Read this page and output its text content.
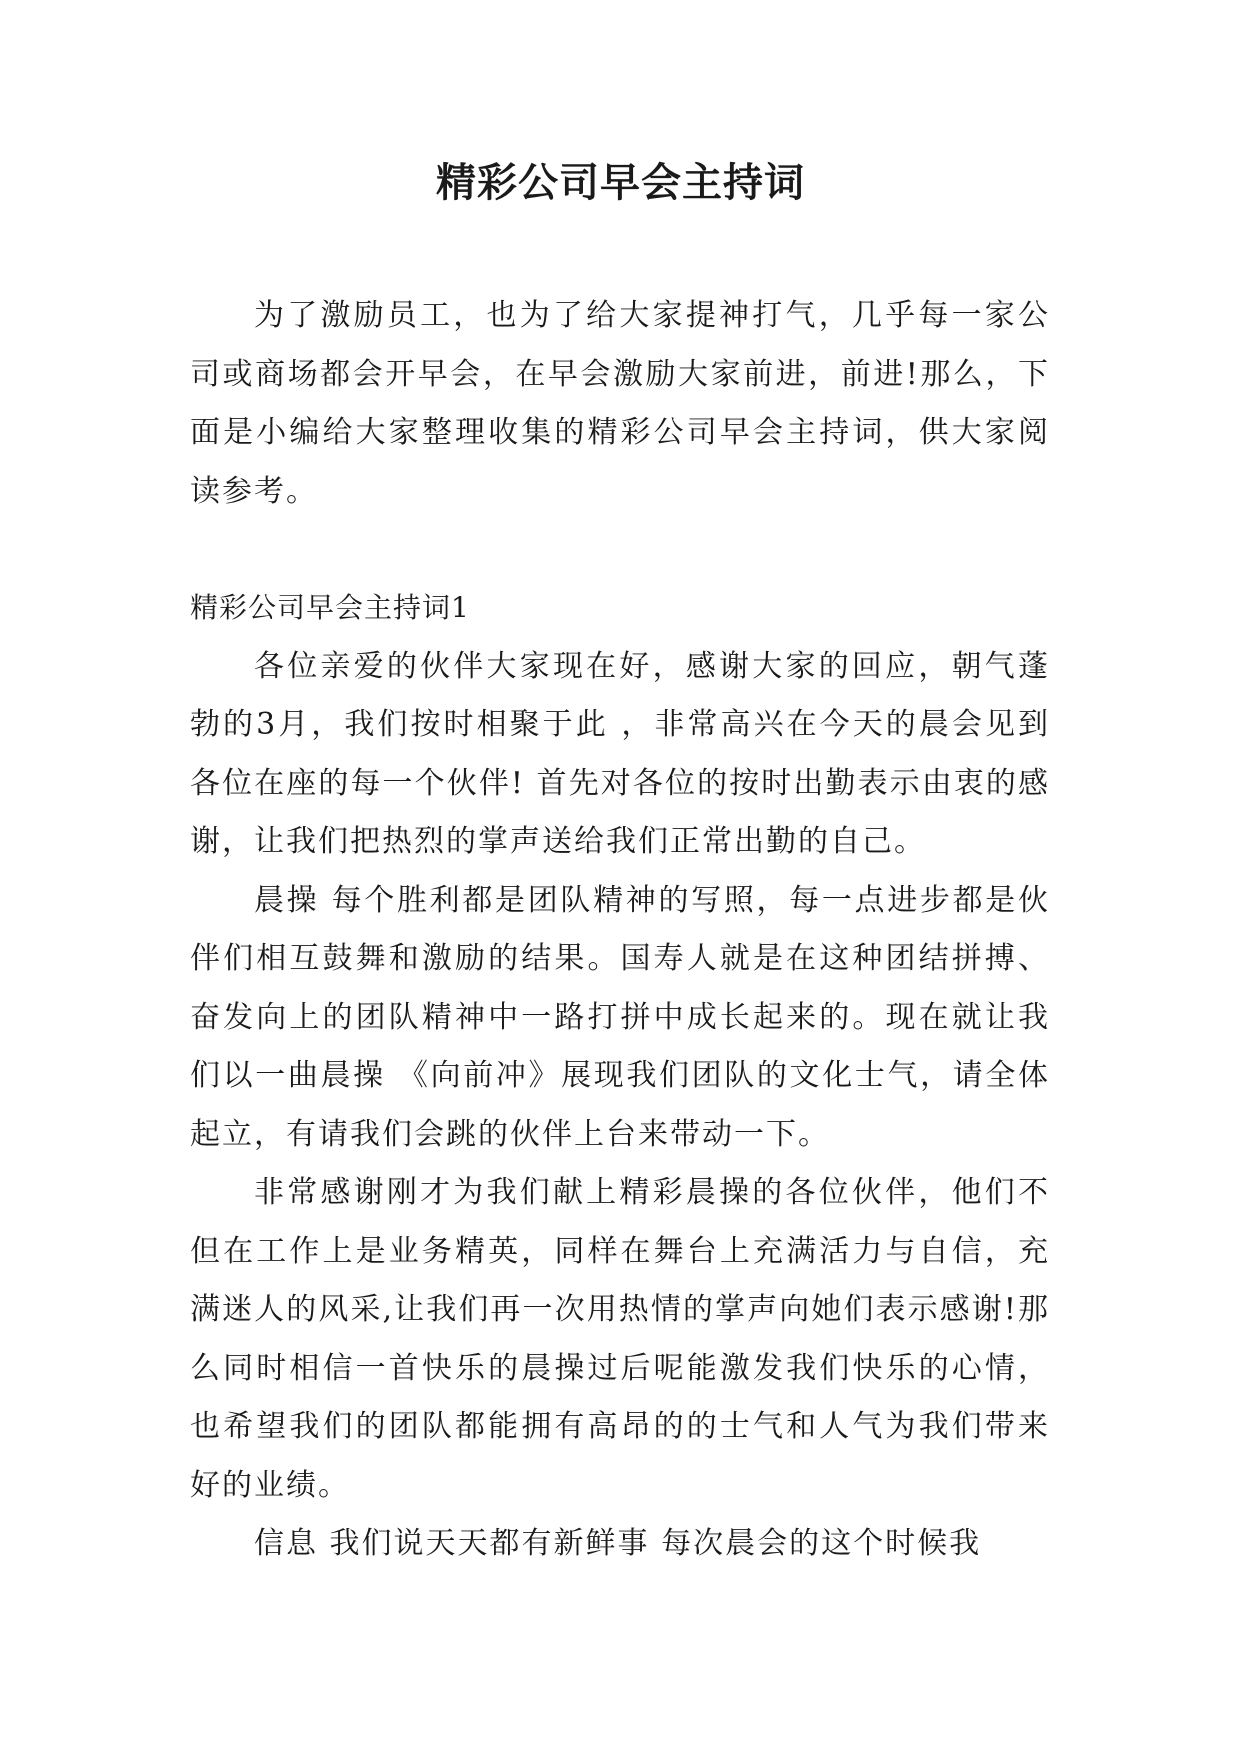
精彩公司早会主持词

为了激励员工，也为了给大家提神打气，几乎每一家公司或商场都会开早会，在早会激励大家前进，前进!那么，下面是小编给大家整理收集的精彩公司早会主持词，供大家阅读参考。

精彩公司早会主持词1

各位亲爱的伙伴大家现在好，感谢大家的回应，朝气蓬勃的3月，我们按时相聚于此 ，非常高兴在今天的晨会见到各位在座的每一个伙伴! 首先对各位的按时出勤表示由衷的感谢，让我们把热烈的掌声送给我们正常出勤的自己。

晨操 每个胜利都是团队精神的写照，每一点进步都是伙伴们相互鼓舞和激励的结果。国寿人就是在这种团结拼搏、奋发向上的团队精神中一路打拼中成长起来的。现在就让我们以一曲晨操 《向前冲》展现我们团队的文化士气，请全体起立，有请我们会跳的伙伴上台来带动一下。

非常感谢刚才为我们献上精彩晨操的各位伙伴，他们不但在工作上是业务精英，同样在舞台上充满活力与自信，充满迷人的风采,让我们再一次用热情的掌声向她们表示感谢!那么同时相信一首快乐的晨操过后呢能激发我们快乐的心情，也希望我们的团队都能拥有高昂的的士气和人气为我们带来好的业绩。

信息 我们说天天都有新鲜事 每次晨会的这个时候我
